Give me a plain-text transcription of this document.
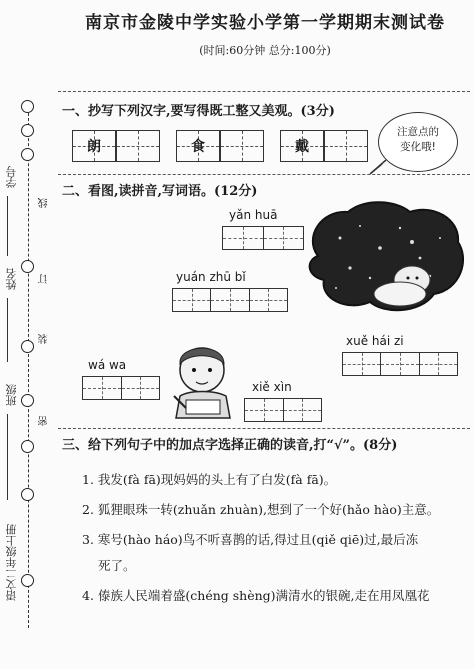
南京市金陵中学实验小学第一学期期末测试卷
(时间:60分钟 总分:100分)
线
订
装
密
学号
姓名
班级
语文二年级上册
一、抄写下列汉字,要写得既工整又美观。(3分)
朗	食	戴
注意点的
变化哦!
二、看图,读拼音,写词语。(12分)
yǎn huā
yuán zhū bǐ
xuě hái zi
wá wa
xiě xìn
三、给下列句子中的加点字选择正确的读音,打“√”。(8分)
1. 我发(fà fā)现妈妈的头上有了白发(fà fā)。
2. 狐狸眼珠一转(zhuǎn zhuàn),想到了一个好(hǎo hào)主意。
3. 寒号(hào háo)鸟不听喜鹊的话,得过且(qiě qiē)过,最后冻
死了。
4. 傣族人民端着盛(chéng shèng)满清水的银碗,走在用凤凰花
